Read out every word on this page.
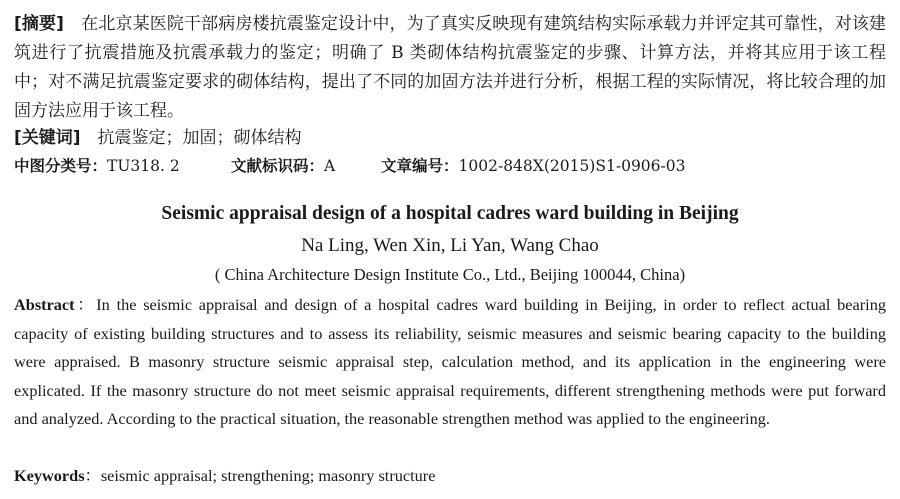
[摘要]　 在北京某医院干部病房楼抗震鉴定设计中，为了真实反映现有建筑结构实际承载力并评定其可靠性，对该建筑进行了抗震措施及抗震承载力的鉴定；明确了 B 类砌体结构抗震鉴定的步骤、计算方法，并将其应用于该工程中；对不满足抗震鉴定要求的砌体结构，提出了不同的加固方法并进行分析，根据工程的实际情况，将比较合理的加固方法应用于该工程。

[关键词]　 抗震鉴定；加固；砌体结构

中图分类号：TU318. 2	文献标识码：A	文章编号：1002-848X(2015)S1-0906-03

Seismic appraisal design of a hospital cadres ward building in Beijing

Na Ling, Wen Xin, Li Yan, Wang Chao

( China Architecture Design Institute Co., Ltd., Beijing 100044, China)

Abstract：In the seismic appraisal and design of a hospital cadres ward building in Beijing, in order to reflect actual bearing capacity of existing building structures and to assess its reliability, seismic measures and seismic bearing capacity to the building were appraised. B masonry structure seismic appraisal step, calculation method, and its application in the engineering were explicated. If the masonry structure do not meet seismic appraisal requirements, different strengthening methods were put forward and analyzed. According to the practical situation, the reasonable strengthen method was applied to the engineering.

Keywords：seismic appraisal; strengthening; masonry structure
